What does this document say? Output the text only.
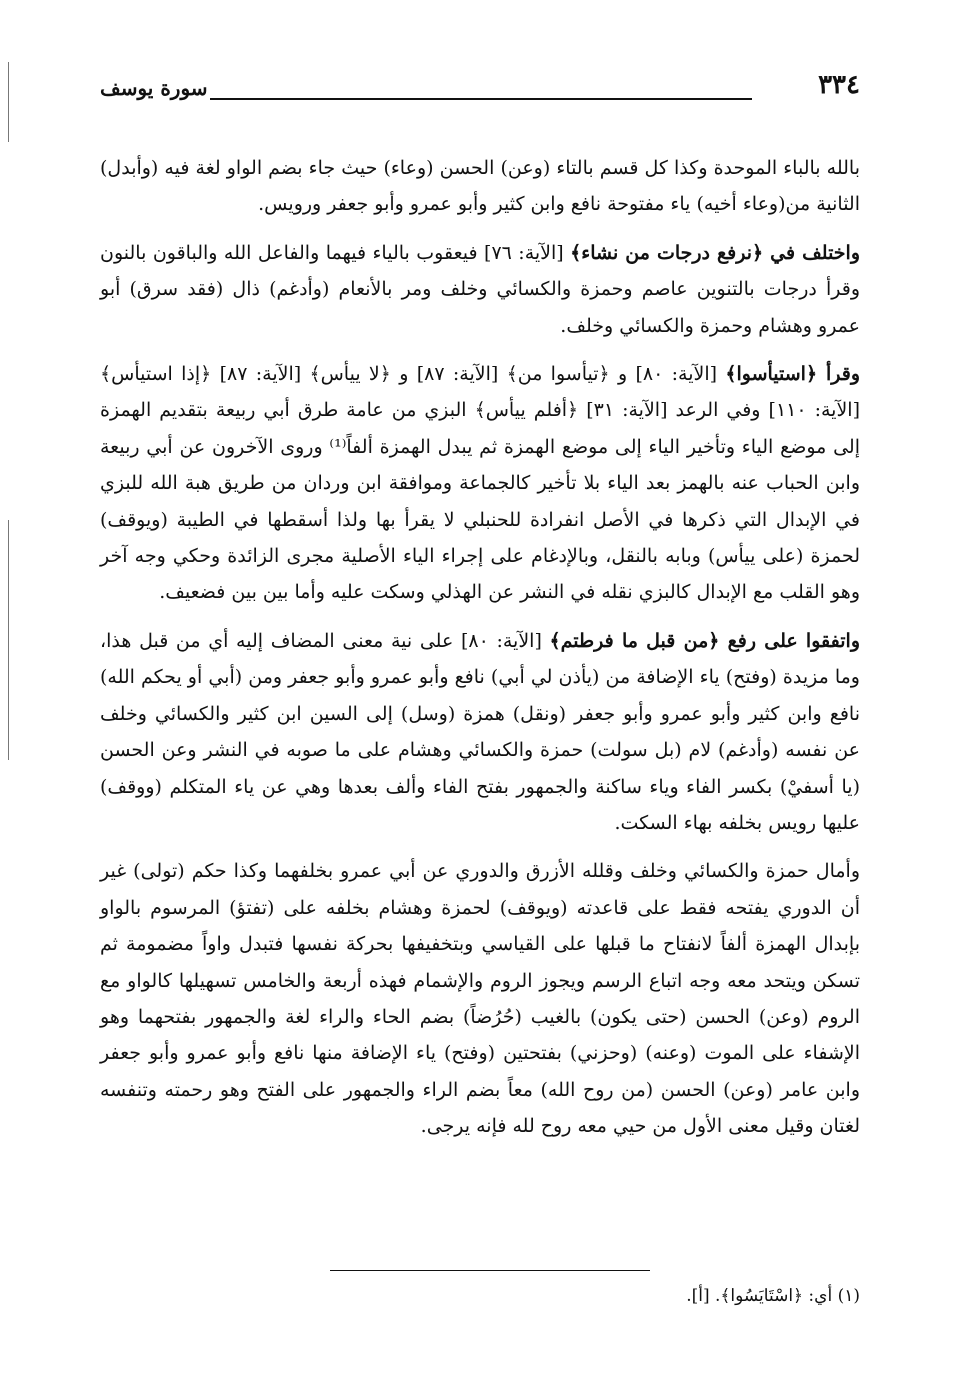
٣٣٤
سورة يوسف

بالله بالباء الموحدة وكذا كل قسم بالتاء (وعن) الحسن (وعاء) حيث جاء بضم الواو لغة فيه (وأبدل) الثانية من(وعاء أخيه) ياء مفتوحة نافع وابن كثير وأبو عمرو وأبو جعفر ورويس.

واختلف في ﴿نرفع درجات من نشاء﴾ [الآية: ٧٦] فيعقوب بالياء فيهما والفاعل الله والباقون بالنون وقرأ درجات بالتنوين عاصم وحمزة والكسائي وخلف ومر بالأنعام (وأدغم) ذال (فقد سرق) أبو عمرو وهشام وحمزة والكسائي وخلف.

وقرأ ﴿استيأسوا﴾ [الآية: ٨٠] و ﴿تيأسوا من﴾ [الآية: ٨٧] و ﴿لا ييأس﴾ [الآية: ٨٧] ﴿إذا استيأس﴾ [الآية: ١١٠] وفي الرعد [الآية: ٣١] ﴿أفلم ييأس﴾ البزي من عامة طرق أبي ربيعة بتقديم الهمزة إلى موضع الياء وتأخير الياء إلى موضع الهمزة ثم يبدل الهمزة ألفاً⁽¹⁾ وروى الآخرون عن أبي ربيعة وابن الحباب عنه بالهمز بعد الياء بلا تأخير كالجماعة وموافقة ابن وردان من طريق هبة الله للبزي في الإبدال التي ذكرها في الأصل انفرادة للحنبلي لا يقرأ بها ولذا أسقطها في الطيبة (ويوقف) لحمزة (على ييأس) وبابه بالنقل، وبالإدغام على إجراء الياء الأصلية مجرى الزائدة وحكي وجه آخر وهو القلب مع الإبدال كالبزي نقله في النشر عن الهذلي وسكت عليه وأما بين بين فضعيف.

واتفقوا على رفع ﴿من قبل ما فرطتم﴾ [الآية: ٨٠] على نية معنى المضاف إليه أي من قبل هذا، وما مزيدة (وفتح) ياء الإضافة من (يأذن لي أبي) نافع وأبو عمرو وأبو جعفر ومن (أبي أو يحكم الله) نافع وابن كثير وأبو عمرو وأبو جعفر (ونقل) همزة (وسل) إلى السين ابن كثير والكسائي وخلف عن نفسه (وأدغم) لام (بل سولت) حمزة والكسائي وهشام على ما صوبه في النشر وعن الحسن (يا أسفيْ) بكسر الفاء وياء ساكنة والجمهور بفتح الفاء وألف بعدها وهي عن ياء المتكلم (ووقف) عليها رويس بخلفه بهاء السكت.

وأمال حمزة والكسائي وخلف وقلله الأزرق والدوري عن أبي عمرو بخلفهما وكذا حكم (تولى) غير أن الدوري يفتحه فقط على قاعدته (ويوقف) لحمزة وهشام بخلفه على (تفتؤ) المرسوم بالواو بإبدال الهمزة ألفاً لانفتاح ما قبلها على القياسي وبتخفيفها بحركة نفسها فتبدل واواً مضمومة ثم تسكن ويتحد معه وجه اتباع الرسم ويجوز الروم والإشمام فهذه أربعة والخامس تسهيلها كالواو مع الروم (وعن) الحسن (حتى يكون) بالغيب (حُرُضاً) بضم الحاء والراء لغة والجمهور بفتحهما وهو الإشفاء على الموت (وعنه) (وحزني) بفتحتين (وفتح) ياء الإضافة منها نافع وأبو عمرو وأبو جعفر وابن عامر (وعن) الحسن (من روح الله) معاً بضم الراء والجمهور على الفتح وهو رحمته وتنفسه لغتان وقيل معنى الأول من حيي معه روح لله فإنه يرجى.

(١) أي: ﴿اسْتَايَسُوا﴾. [أ].
